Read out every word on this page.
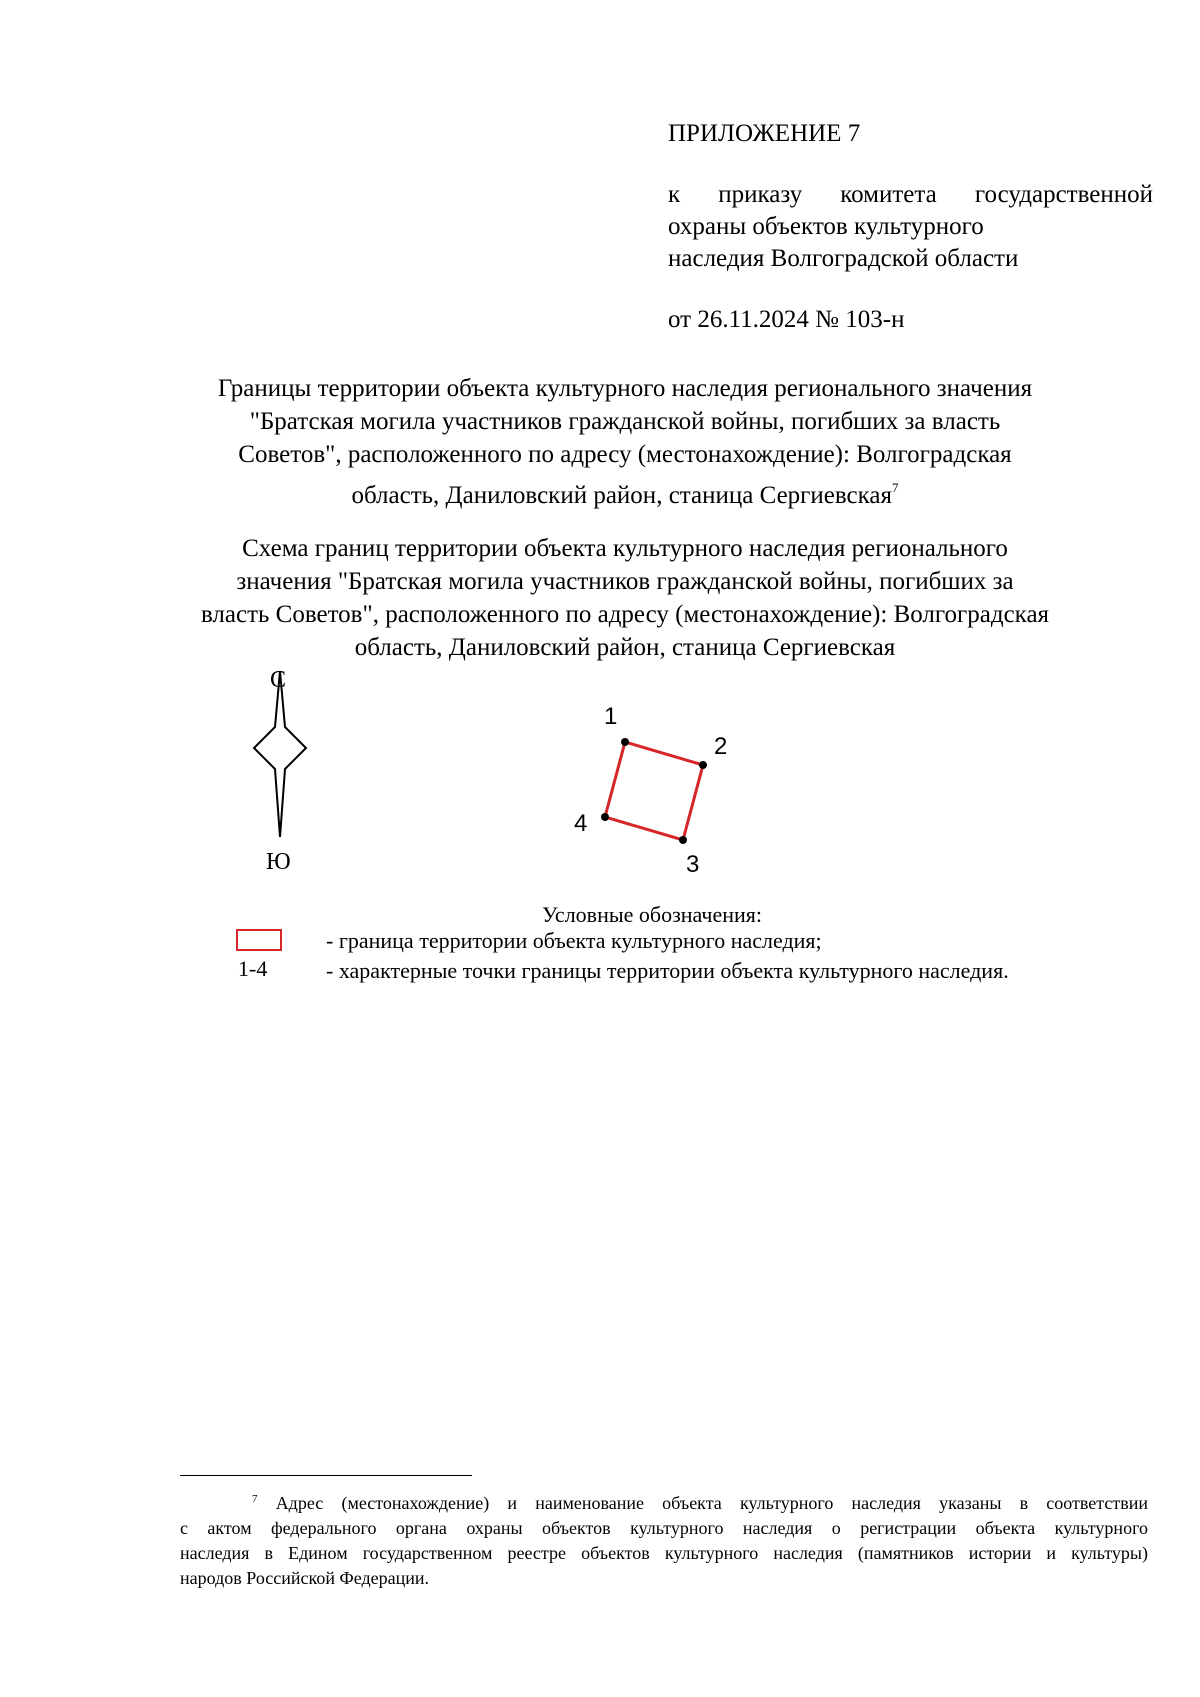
ПРИЛОЖЕНИЕ 7
к приказу комитета государственной
охраны объектов культурного
наследия Волгоградской области
от 26.11.2024 № 103-н
Границы территории объекта культурного наследия регионального значения
"Братская могила участников гражданской войны, погибших за власть
Советов", расположенного по адресу (местонахождение): Волгоградская
область, Даниловский район, станица Сергиевская$^7$
Схема границ территории объекта культурного наследия регионального
значения "Братская могила участников гражданской войны, погибших за
власть Советов", расположенного по адресу (местонахождение): Волгоградская
область, Даниловский район, станица Сергиевская
С
Ю
1
2
3
4
Условные обозначения:
- граница территории объекта культурного наследия;
1-4	- характерные точки границы территории объекта культурного наследия.
$^7$ Адрес (местонахождение) и наименование объекта культурного наследия указаны в соответствии
с актом федерального органа охраны объектов культурного наследия о регистрации объекта культурного
наследия в Едином государственном реестре объектов культурного наследия (памятников истории и культуры)
народов Российской Федерации.
